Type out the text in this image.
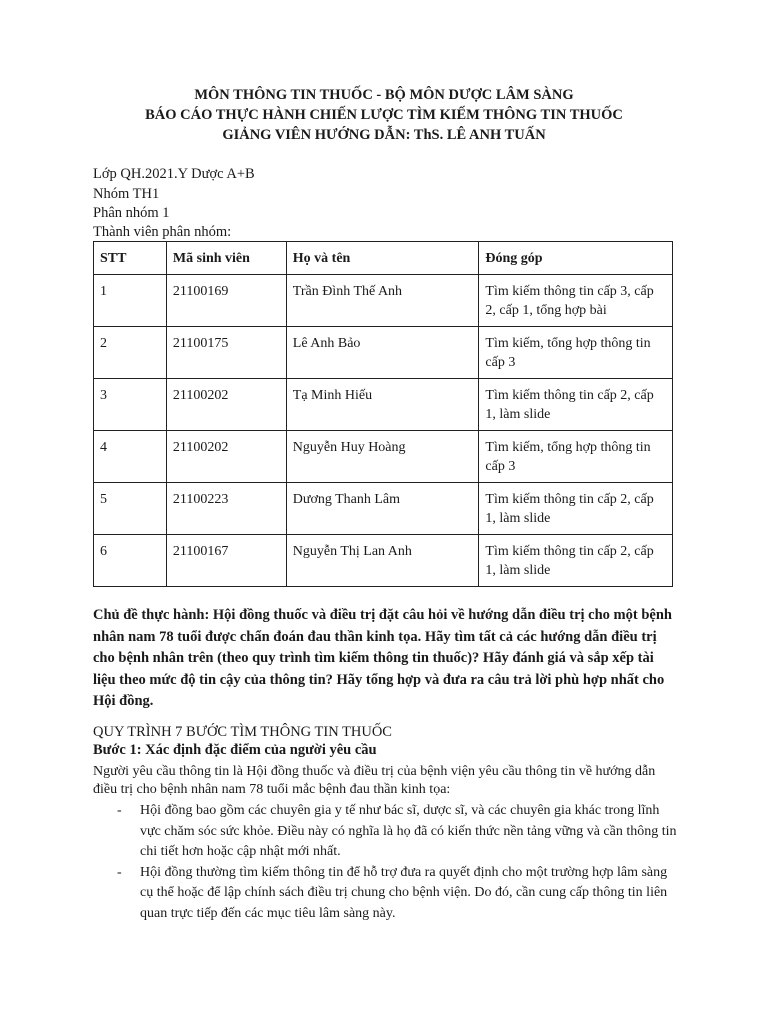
MÔN THÔNG TIN THUỐC - BỘ MÔN DƯỢC LÂM SÀNG
BÁO CÁO THỰC HÀNH CHIẾN LƯỢC TÌM KIẾM THÔNG TIN THUỐC
GIẢNG VIÊN HƯỚNG DẪN: ThS. LÊ ANH TUẤN
Lớp QH.2021.Y Dược A+B
Nhóm TH1
Phân nhóm 1
Thành viên phân nhóm:
STT	Mã sinh viên	Họ và tên	Đóng góp
1	21100169	Trần Đình Thế Anh	Tìm kiếm thông tin cấp 3, cấp 2, cấp 1, tổng hợp bài
2	21100175	Lê Anh Bảo	Tìm kiếm, tổng hợp thông tin cấp 3
3	21100202	Tạ Minh Hiếu	Tìm kiếm thông tin cấp 2, cấp 1, làm slide
4	21100202	Nguyễn Huy Hoàng	Tìm kiếm, tổng hợp thông tin cấp 3
5	21100223	Dương Thanh Lâm	Tìm kiếm thông tin cấp 2, cấp 1, làm slide
6	21100167	Nguyễn Thị Lan Anh	Tìm kiếm thông tin cấp 2, cấp 1, làm slide
Chủ đề thực hành: Hội đồng thuốc và điều trị đặt câu hỏi về hướng dẫn điều trị cho một bệnh nhân nam 78 tuổi được chẩn đoán đau thần kinh tọa. Hãy tìm tất cả các hướng dẫn điều trị cho bệnh nhân trên (theo quy trình tìm kiếm thông tin thuốc)? Hãy đánh giá và sắp xếp tài liệu theo mức độ tin cậy của thông tin? Hãy tổng hợp và đưa ra câu trả lời phù hợp nhất cho Hội đồng.
QUY TRÌNH 7 BƯỚC TÌM THÔNG TIN THUỐC
Bước 1: Xác định đặc điểm của người yêu cầu
Người yêu cầu thông tin là Hội đồng thuốc và điều trị của bệnh viện yêu cầu thông tin về hướng dẫn điều trị cho bệnh nhân nam 78 tuổi mắc bệnh đau thần kinh tọa:
- Hội đồng bao gồm các chuyên gia y tế như bác sĩ, dược sĩ, và các chuyên gia khác trong lĩnh vực chăm sóc sức khỏe. Điều này có nghĩa là họ đã có kiến thức nền tảng vững và cần thông tin chi tiết hơn hoặc cập nhật mới nhất.
- Hội đồng thường tìm kiếm thông tin để hỗ trợ đưa ra quyết định cho một trường hợp lâm sàng cụ thể hoặc để lập chính sách điều trị chung cho bệnh viện. Do đó, cần cung cấp thông tin liên quan trực tiếp đến các mục tiêu lâm sàng này.
